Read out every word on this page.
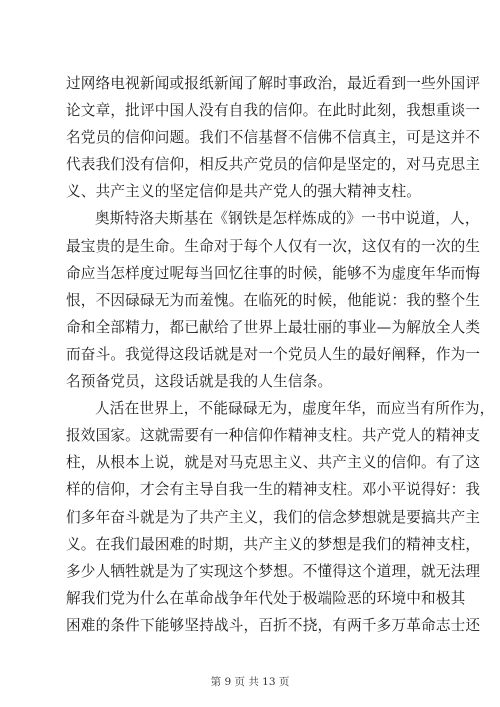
过网络电视新闻或报纸新闻了解时事政治，最近看到一些外国评
论文章，批评中国人没有自我的信仰。在此时此刻，我想重谈一
名党员的信仰问题。我们不信基督不信佛不信真主，可是这并不
代表我们没有信仰，相反共产党员的信仰是坚定的，对马克思主
义、共产主义的坚定信仰是共产党人的强大精神支柱。
奥斯特洛夫斯基在《钢铁是怎样炼成的》一书中说道，人，
最宝贵的是生命。生命对于每个人仅有一次，这仅有的一次的生
命应当怎样度过呢每当回忆往事的时候，能够不为虚度年华而悔
恨，不因碌碌无为而羞愧。在临死的时候，他能说：我的整个生
命和全部精力，都已献给了世界上最壮丽的事业—为解放全人类
而奋斗。我觉得这段话就是对一个党员人生的最好阐释，作为一
名预备党员，这段话就是我的人生信条。
人活在世界上，不能碌碌无为，虚度年华，而应当有所作为，
报效国家。这就需要有一种信仰作精神支柱。共产党人的精神支
柱，从根本上说，就是对马克思主义、共产主义的信仰。有了这
样的信仰，才会有主导自我一生的精神支柱。邓小平说得好：我
们多年奋斗就是为了共产主义，我们的信念梦想就是要搞共产主
义。在我们最困难的时期，共产主义的梦想是我们的精神支柱，
多少人牺牲就是为了实现这个梦想。不懂得这个道理，就无法理
解我们党为什么在革命战争年代处于极端险恶的环境中和极其
困难的条件下能够坚持战斗，百折不挠，有两千多万革命志士还
第 9 页 共 13 页
